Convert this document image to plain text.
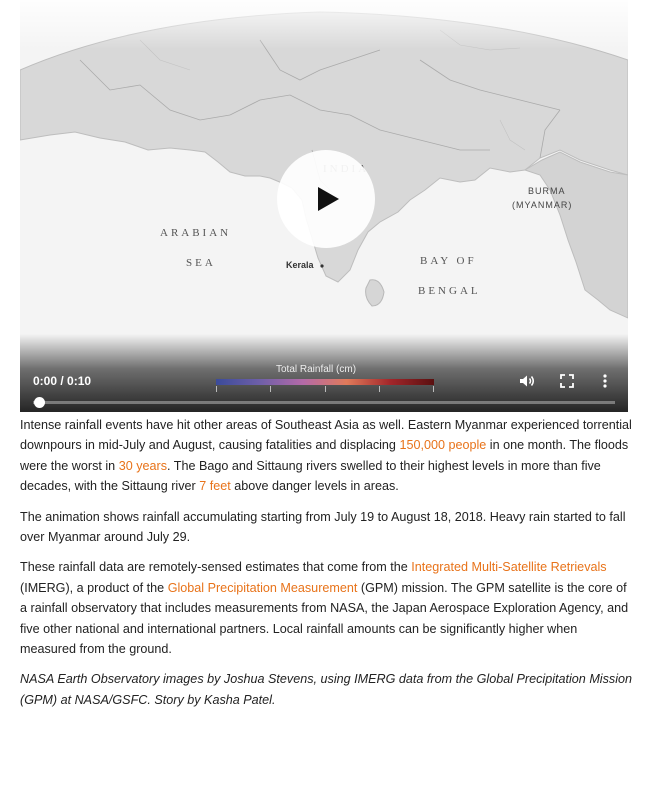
0:00 / 0:10
Total Rainfall (cm)

Intense rainfall events have hit other areas of Southeast Asia as well. Eastern Myanmar experienced torrential downpours in mid-July and August, causing fatalities and displacing 150,000 people in one month. The floods were the worst in 30 years. The Bago and Sittaung rivers swelled to their highest levels in more than five decades, with the Sittaung river 7 feet above danger levels in areas.

The animation shows rainfall accumulating starting from July 19 to August 18, 2018. Heavy rain started to fall over Myanmar around July 29.

These rainfall data are remotely-sensed estimates that come from the Integrated Multi-Satellite Retrievals (IMERG), a product of the Global Precipitation Measurement (GPM) mission. The GPM satellite is the core of a rainfall observatory that includes measurements from NASA, the Japan Aerospace Exploration Agency, and five other national and international partners. Local rainfall amounts can be significantly higher when measured from the ground.

NASA Earth Observatory images by Joshua Stevens, using IMERG data from the Global Precipitation Mission (GPM) at NASA/GSFC. Story by Kasha Patel.
